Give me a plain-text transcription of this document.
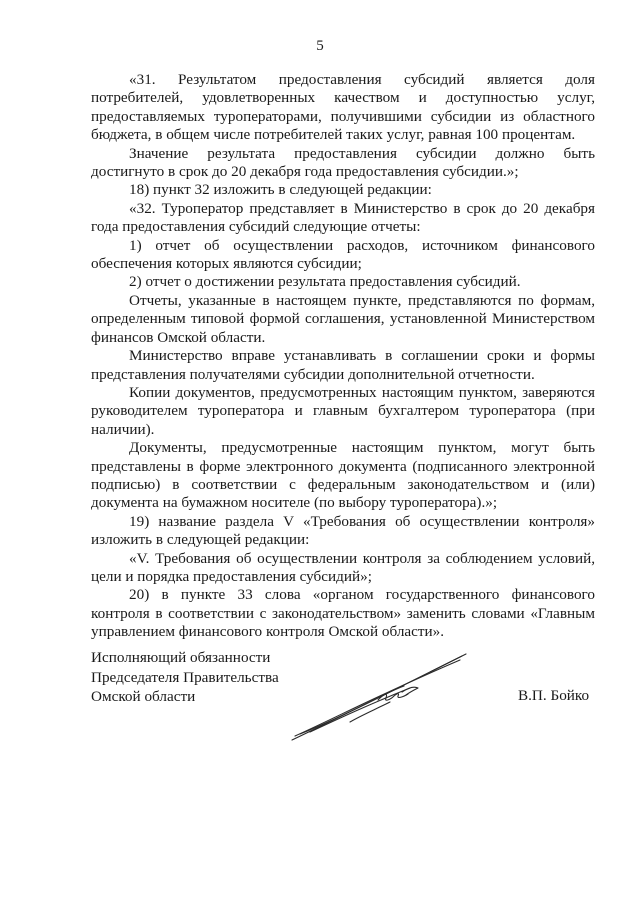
5

«31. Результатом предоставления субсидий является доля потребителей, удовлетворенных качеством и доступностью услуг, предоставляемых туроператорами, получившими субсидии из областного бюджета, в общем числе потребителей таких услуг, равная 100 процентам.

Значение результата предоставления субсидии должно быть достигнуто в срок до 20 декабря года предоставления субсидии.»;

18) пункт 32 изложить в следующей редакции:

«32. Туроператор представляет в Министерство в срок до 20 декабря года предоставления субсидий следующие отчеты:

1) отчет об осуществлении расходов, источником финансового обеспечения которых являются субсидии;

2) отчет о достижении результата предоставления субсидий.

Отчеты, указанные в настоящем пункте, представляются по формам, определенным типовой формой соглашения, установленной Министерством финансов Омской области.

Министерство вправе устанавливать в соглашении сроки и формы представления получателями субсидии дополнительной отчетности.

Копии документов, предусмотренных настоящим пунктом, заверяются руководителем туроператора и главным бухгалтером туроператора (при наличии).

Документы, предусмотренные настоящим пунктом, могут быть представлены в форме электронного документа (подписанного электронной подписью) в соответствии с федеральным законодательством и (или) документа на бумажном носителе (по выбору туроператора).»;

19) название раздела V «Требования об осуществлении контроля» изложить в следующей редакции:

«V. Требования об осуществлении контроля за соблюдением условий, цели и порядка предоставления субсидий»;

20) в пункте 33 слова «органом государственного финансового контроля в соответствии с законодательством» заменить словами «Главным управлением финансового контроля Омской области».

Исполняющий обязанности
Председателя Правительства
Омской области	В.П. Бойко
